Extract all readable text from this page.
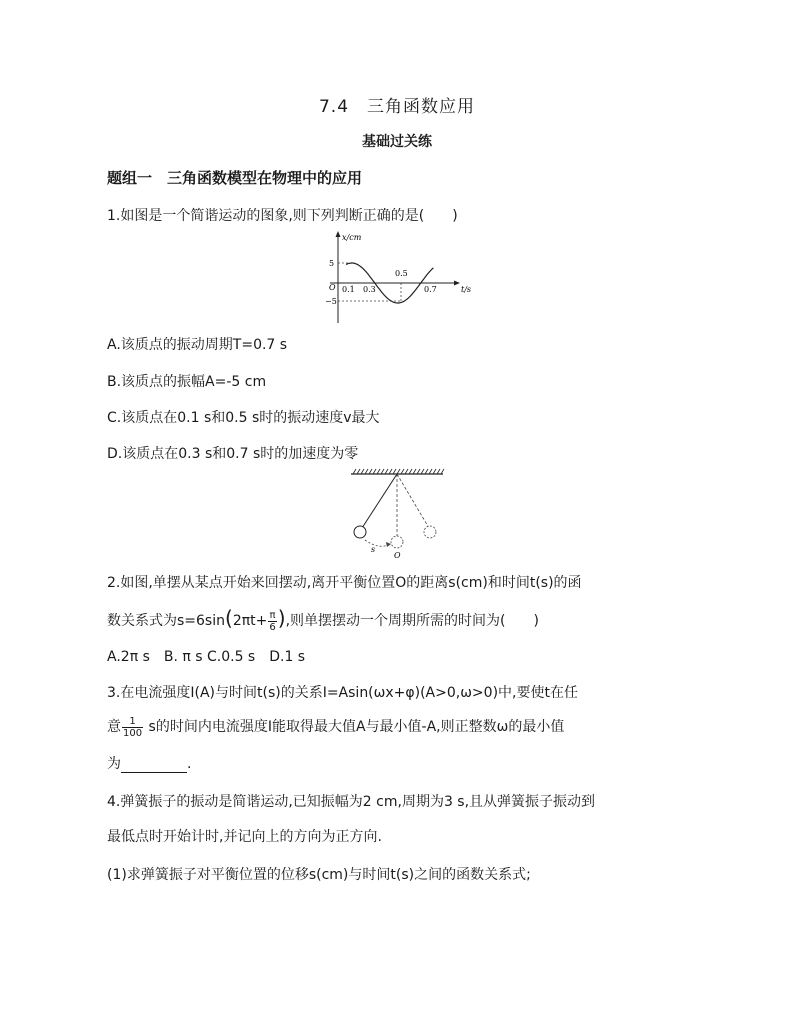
7.4　三角函数应用
基础过关练
题组一　三角函数模型在物理中的应用
1.如图是一个简谐运动的图象,则下列判断正确的是(　　)
x/cm
t/s
O
5
−5
0.1 0.3
0.5
0.7
A.该质点的振动周期T=0.7 s
B.该质点的振幅A=-5 cm
C.该质点在0.1 s和0.5 s时的振动速度v最大
D.该质点在0.3 s和0.7 s时的加速度为零
s
O
2.如图,单摆从某点开始来回摆动,离开平衡位置O的距离s(cm)和时间t(s)的函
数关系式为$s=6\sin(2\pi t+ \frac{\pi}{6}$ ),则单摆摆动一个周期所需的时间为(　　)
A.2π s　B. π s C.0.5 s　D.1 s
3.在电流强度I(A)与时间t(s)的关系I=Asin(ωx+φ)(A>0,ω>0)中,要使t在任
意 $\frac{1}{100}$ s的时间内电流强度I能取得最大值A与最小值-A,则正整数ω的最小值
为	.
4.弹簧振子的振动是简谐运动,已知振幅为2 cm,周期为3 s,且从弹簧振子振动到
最低点时开始计时,并记向上的方向为正方向.
(1)求弹簧振子对平衡位置的位移s(cm)与时间t(s)之间的函数关系式;
